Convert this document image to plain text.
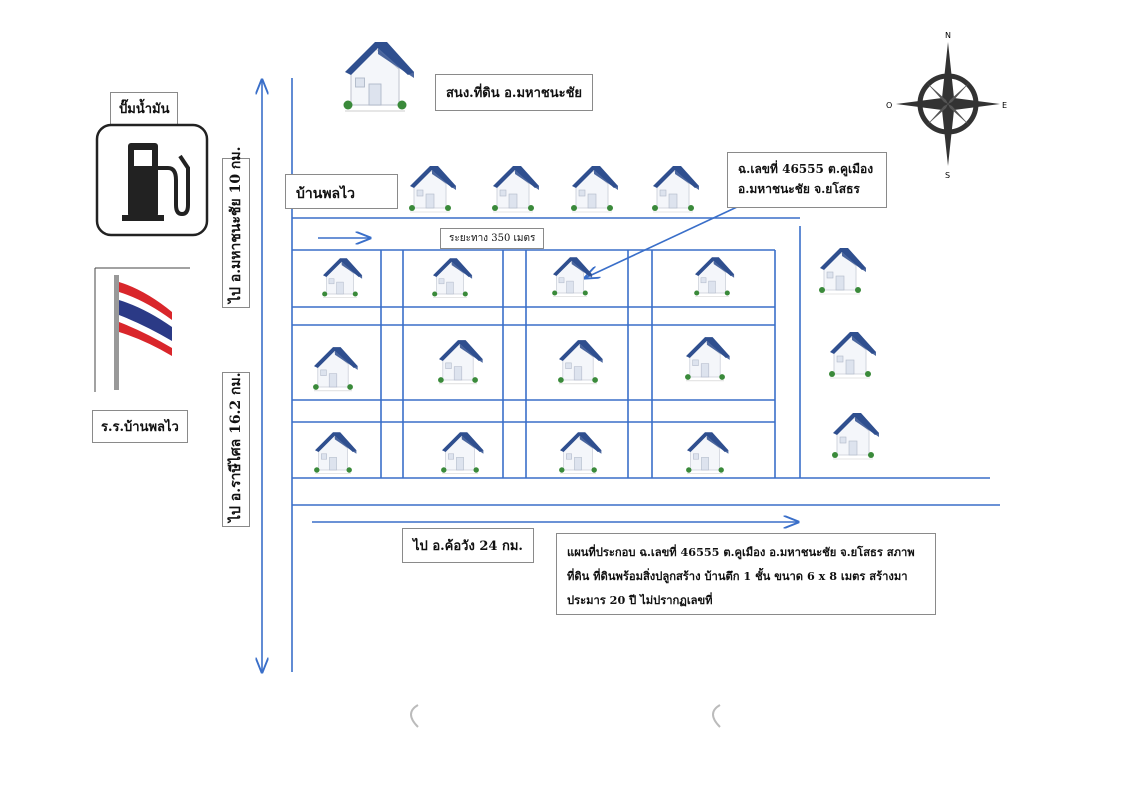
ปั๊มน้ำมัน
ร.ร.บ้านพลไว
ไป อ.มหาชนะชัย 10 กม.
ไป อ.ราษีไศล 16.2 กม.
สนง.ที่ดิน อ.มหาชนะชัย
บ้านพลไว
ระยะทาง 350 เมตร
ฉ.เลขที่ 46555 ต.คูเมือง
อ.มหาชนะชัย จ.ยโสธร
ไป อ.ค้อวัง 24 กม.	แผนที่ประกอบ ฉ.เลขที่ 46555 ต.คูเมือง อ.มหาชนะชัย จ.ยโสธร สภาพ
ที่ดิน ที่ดินพร้อมสิ่งปลูกสร้าง บ้านตึก 1 ชั้น ขนาด 6 x 8 เมตร สร้างมา
ประมาร 20 ปี ไม่ปรากฏเลขที่
N
S
E
O
